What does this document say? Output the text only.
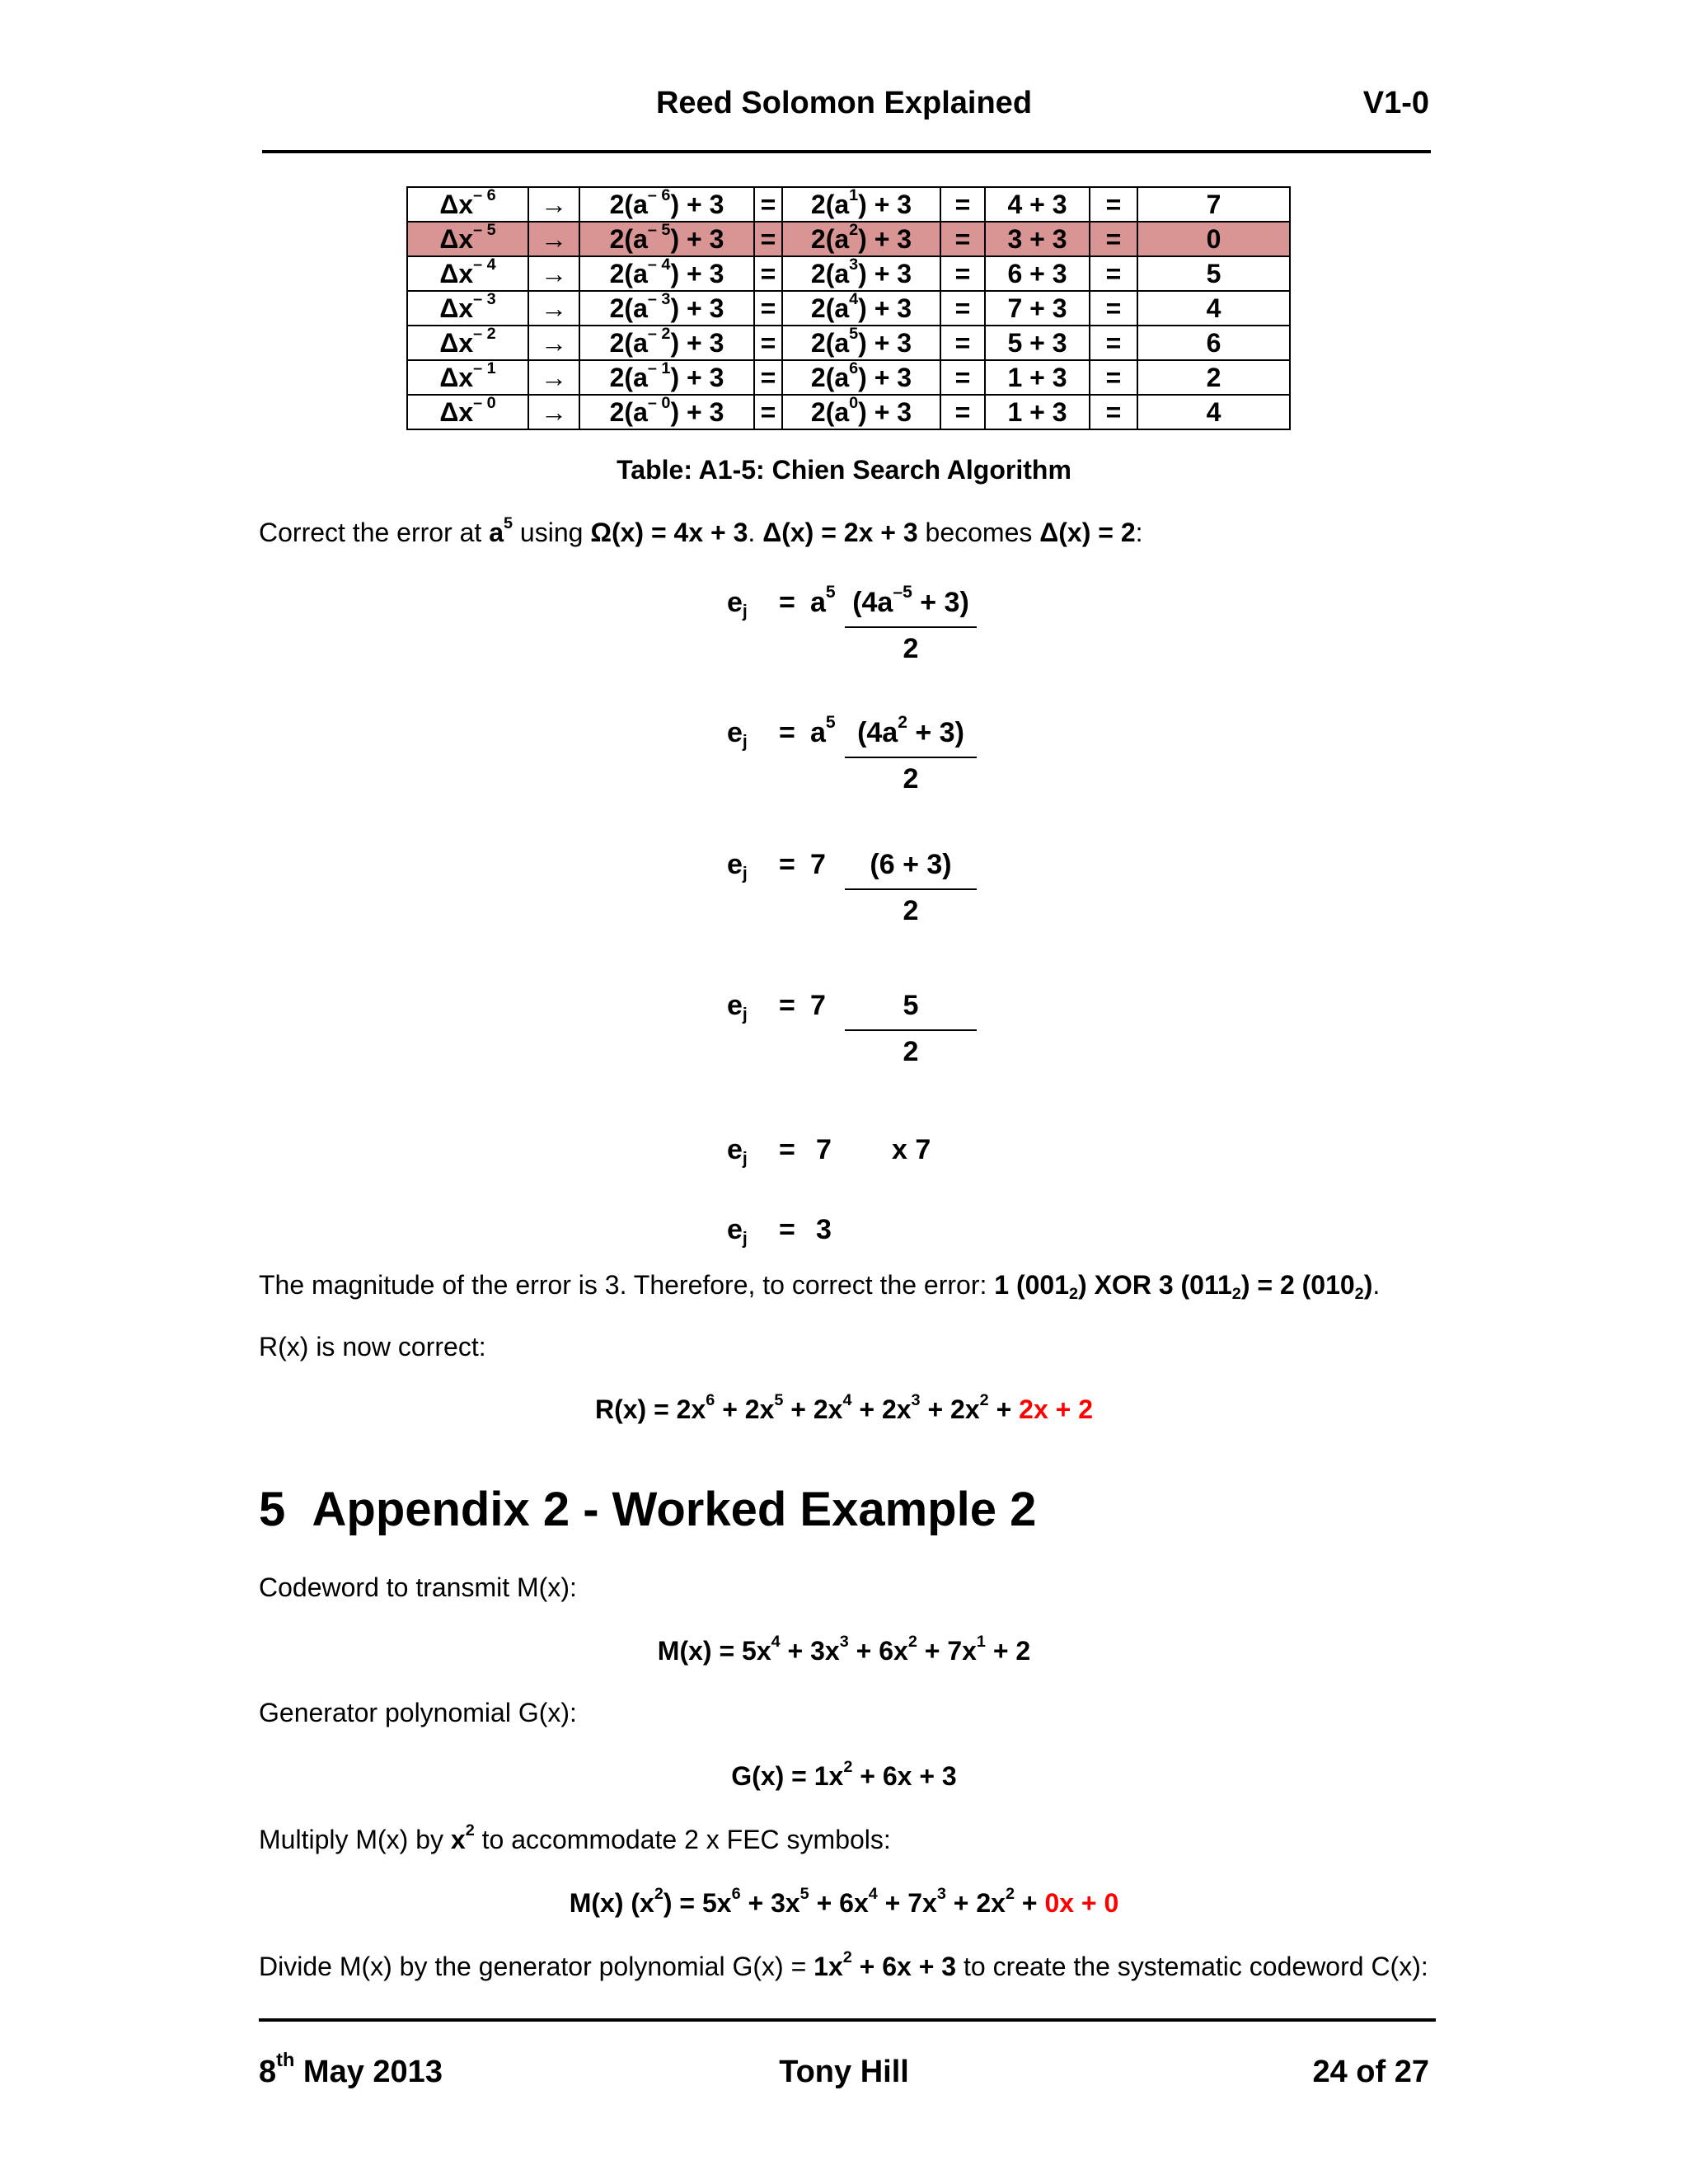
Reed Solomon Explained	V1-0
$\Delta x^{- 6}$	→	$2(a^{- 6}) + 3$	=	$2(a^1) + 3$	=	4 + 3	=	7
$\Delta x^{- 5}$	→	$2(a^{- 5}) + 3$	=	$2(a^2) + 3$	=	3 + 3	=	0
$\Delta x^{- 4}$	→	$2(a^{- 4}) + 3$	=	$2(a^3) + 3$	=	6 + 3	=	5
$\Delta x^{- 3}$	→	$2(a^{- 3}) + 3$	=	$2(a^4) + 3$	=	7 + 3	=	4
$\Delta x^{- 2}$	→	$2(a^{- 2}) + 3$	=	$2(a^5) + 3$	=	5 + 3	=	6
$\Delta x^{- 1}$	→	$2(a^{- 1}) + 3$	=	$2(a^6) + 3$	=	1 + 3	=	2
$\Delta x^{- 0}$	→	$2(a^{- 0}) + 3$	=	$2(a^0) + 3$	=	1 + 3	=	4
Table: A1-5: Chien Search Algorithm
Correct the error at $a^5$ using Ω(x) = 4x + 3. Δ(x) = 2x + 3 becomes Δ(x) = 2:
$e_j = a^5$ $(4a^{-5} + 3)$
2
$e_j = a^5$ $(4a^2 + 3)$
2
$e_j = 7$	(6 + 3)
2
$e_j = 7$	5
2
$e_j = 7$ x 7
$e_j = 3$
The magnitude of the error is 3. Therefore, to correct the error: 1 $(001_2)$ XOR 3 $(011_2) = 2$ $(010_2)$.
R(x) is now correct:
$R(x) = 2x^6 + 2x^5 + 2x^4 + 2x^3 + 2x^2 + 2x + 2$
5 Appendix 2 - Worked Example 2
Codeword to transmit M(x):
$M(x) = 5x^4 + 3x^3 + 6x^2 + 7x^1 + 2$
Generator polynomial G(x):
$G(x) = 1x^2 + 6x + 3$
Multiply M(x) by $x^2$ to accommodate 2 x FEC symbols:
M(x) $(x^2) = 5x^6 + 3x^5 + 6x^4 + 7x^3 + 2x^2 + 0x + 0$
Divide M(x) by the generator polynomial $G(x) = 1x^2 + 6x + 3$ to create the systematic codeword C(x):
8th May 2013	Tony Hill	24 of 27
